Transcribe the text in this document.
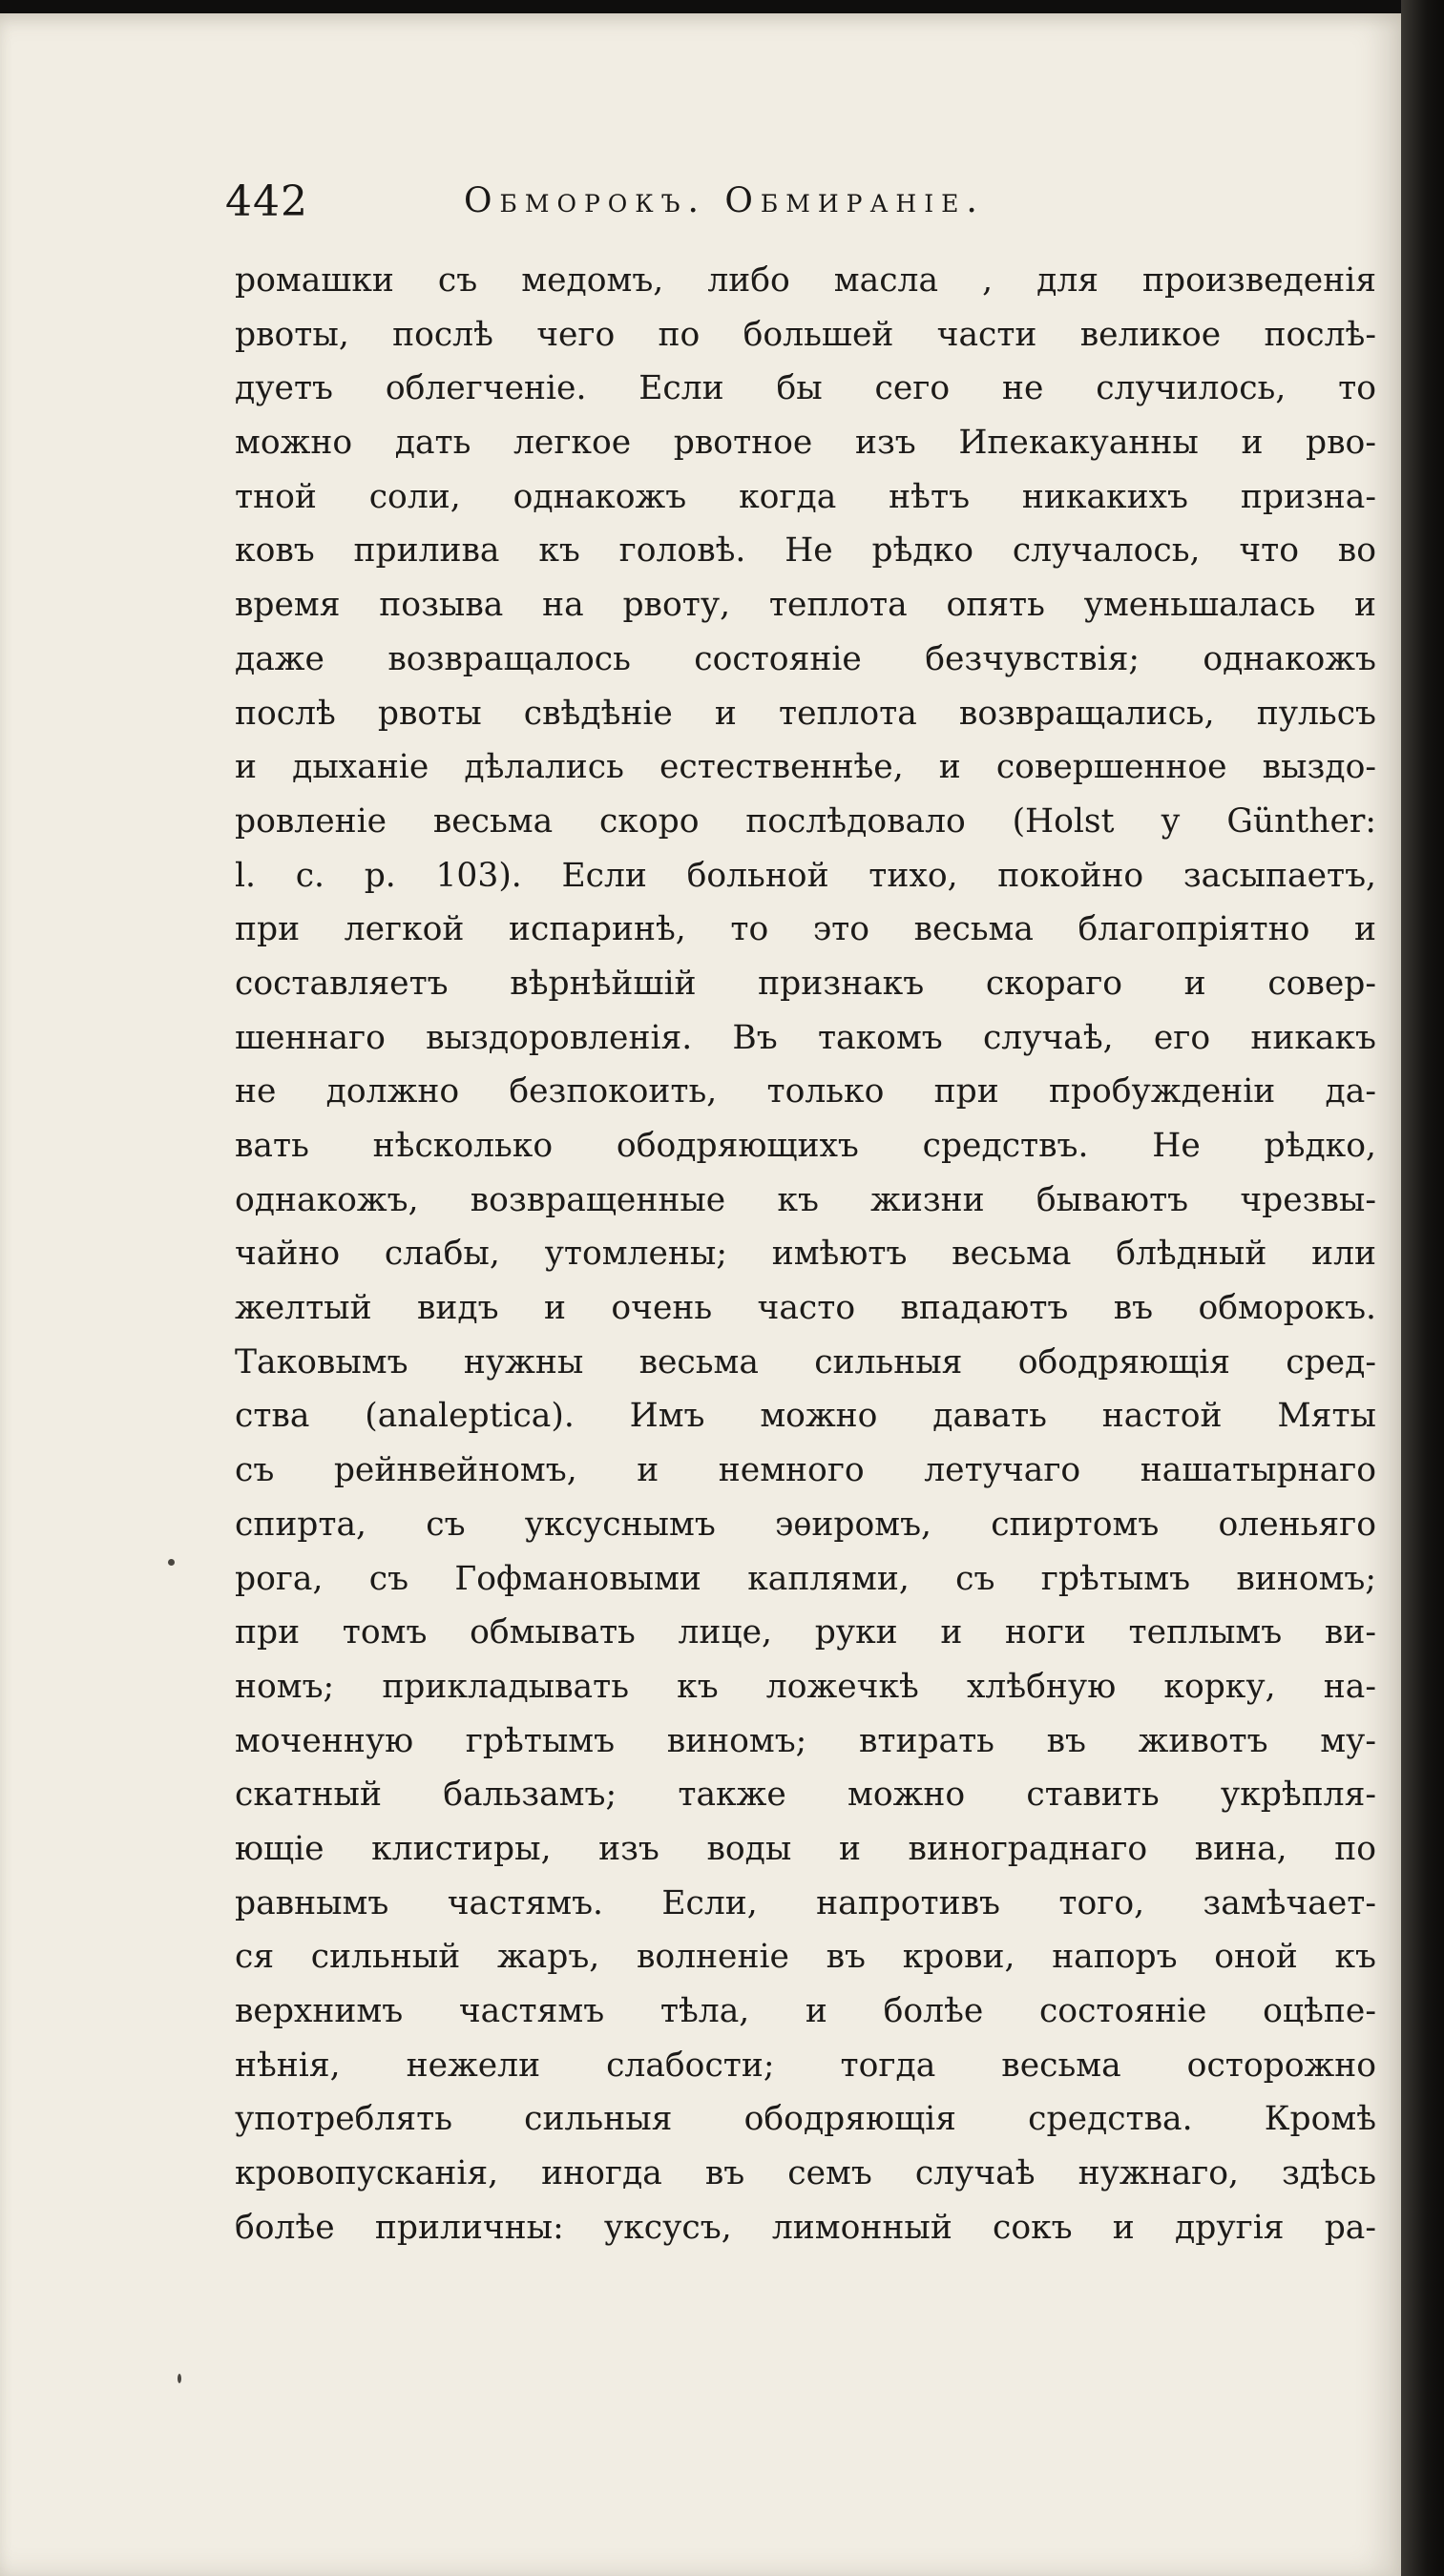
442	Обморокъ. Обмиранiе.
ромашки съ медомъ, либо масла , для произведенiя
рвоты, послѣ чего по большей части великое послѣ-
дуетъ облегченiе. Если бы сего не случилось, то
можно дать легкое рвотное изъ Ипекакуанны и рво-
тной соли, однакожъ когда нѣтъ никакихъ призна-
ковъ прилива къ головѣ. Не рѣдко случалось, что во
время позыва на рвоту, теплота опять уменьшалась и
даже возвращалось состоянiе безчувствiя; однакожъ
послѣ рвоты свѣдѣнiе и теплота возвращались, пульсъ
и дыханiе дѣлались естественнѣе, и совершенное выздо-
ровленiе весьма скоро послѣдовало (Holst у Günther:
l. c. p. 103). Если больной тихо, покойно засыпаетъ,
при легкой испаринѣ, то это весьма благопрiятно и
составляетъ вѣрнѣйшiй признакъ скораго и совер-
шеннаго выздоровленiя. Въ такомъ случаѣ, его никакъ
не должно безпокоить, только при пробужденiи да-
вать нѣсколько ободряющихъ средствъ. Не рѣдко,
однакожъ, возвращенные къ жизни бываютъ чрезвы-
чайно слабы, утомлены; имѣютъ весьма блѣдный или
желтый видъ и очень часто впадаютъ въ обморокъ.
Таковымъ нужны весьма сильныя ободряющiя сред-
ства (analeptica). Имъ можно давать настой Мяты
съ рейнвейномъ, и немного летучаго нашатырнаго
спирта, съ уксуснымъ эѳиромъ, спиртомъ оленьяго
рога, съ Гофмановыми каплями, съ грѣтымъ виномъ;
при томъ обмывать лице, руки и ноги теплымъ ви-
номъ; прикладывать къ ложечкѣ хлѣбную корку, на-
моченную грѣтымъ виномъ; втирать въ животъ му-
скатный бальзамъ; также можно ставить укрѣпля-
ющiе клистиры, изъ воды и винограднаго вина, по
равнымъ частямъ. Если, напротивъ того, замѣчает-
ся сильный жаръ, волненiе въ крови, напоръ оной къ
верхнимъ частямъ тѣла, и болѣе состоянiе оцѣпе-
нѣнiя, нежели слабости; тогда весьма осторожно
употреблять сильныя ободряющiя средства. Кромѣ
кровопусканiя, иногда въ семъ случаѣ нужнаго, здѣсь
болѣе приличны: уксусъ, лимонный сокъ и другiя ра-
